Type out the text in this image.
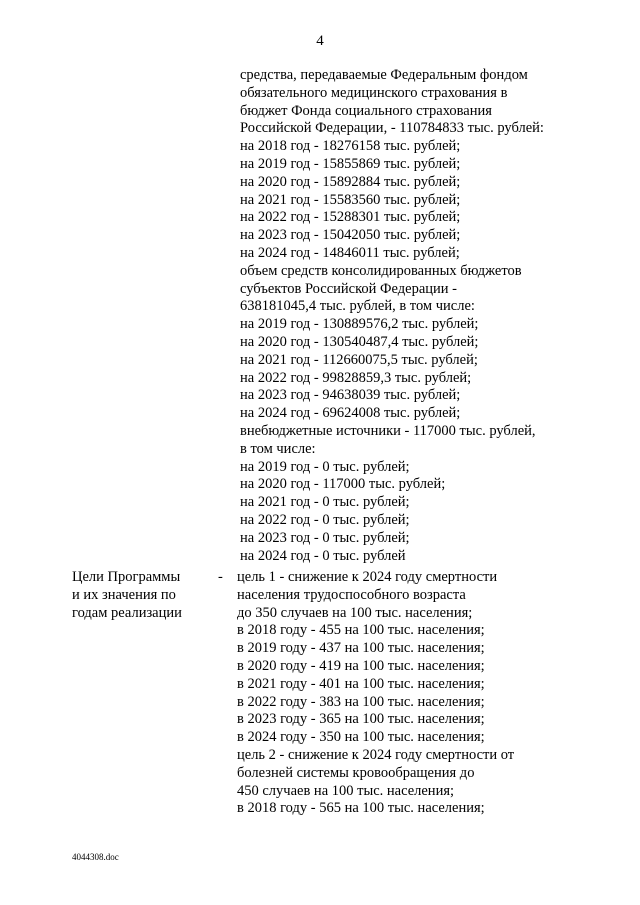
4
средства, передаваемые Федеральным фондом
обязательного медицинского страхования в
бюджет Фонда социального страхования
Российской Федерации, - 110784833 тыс. рублей:
на 2018 год - 18276158 тыс. рублей;
на 2019 год - 15855869 тыс. рублей;
на 2020 год - 15892884 тыс. рублей;
на 2021 год - 15583560 тыс. рублей;
на 2022 год - 15288301 тыс. рублей;
на 2023 год - 15042050 тыс. рублей;
на 2024 год - 14846011 тыс. рублей;
объем средств консолидированных бюджетов
субъектов Российской Федерации -
638181045,4 тыс. рублей, в том числе:
на 2019 год - 130889576,2 тыс. рублей;
на 2020 год - 130540487,4 тыс. рублей;
на 2021 год - 112660075,5 тыс. рублей;
на 2022 год - 99828859,3 тыс. рублей;
на 2023 год - 94638039 тыс. рублей;
на 2024 год - 69624008 тыс. рублей;
внебюджетные источники - 117000 тыс. рублей,
в том числе:
на 2019 год - 0 тыс. рублей;
на 2020 год - 117000 тыс. рублей;
на 2021 год - 0 тыс. рублей;
на 2022 год - 0 тыс. рублей;
на 2023 год - 0 тыс. рублей;
на 2024 год - 0 тыс. рублей
Цели Программы
и их значения по
годам реализации
- цель 1 - снижение к 2024 году смертности
населения трудоспособного возраста
до 350 случаев на 100 тыс. населения;
в 2018 году - 455 на 100 тыс. населения;
в 2019 году - 437 на 100 тыс. населения;
в 2020 году - 419 на 100 тыс. населения;
в 2021 году - 401 на 100 тыс. населения;
в 2022 году - 383 на 100 тыс. населения;
в 2023 году - 365 на 100 тыс. населения;
в 2024 году - 350 на 100 тыс. населения;
цель 2 - снижение к 2024 году смертности от
болезней системы кровообращения до
450 случаев на 100 тыс. населения;
в 2018 году - 565 на 100 тыс. населения;
4044308.doc
